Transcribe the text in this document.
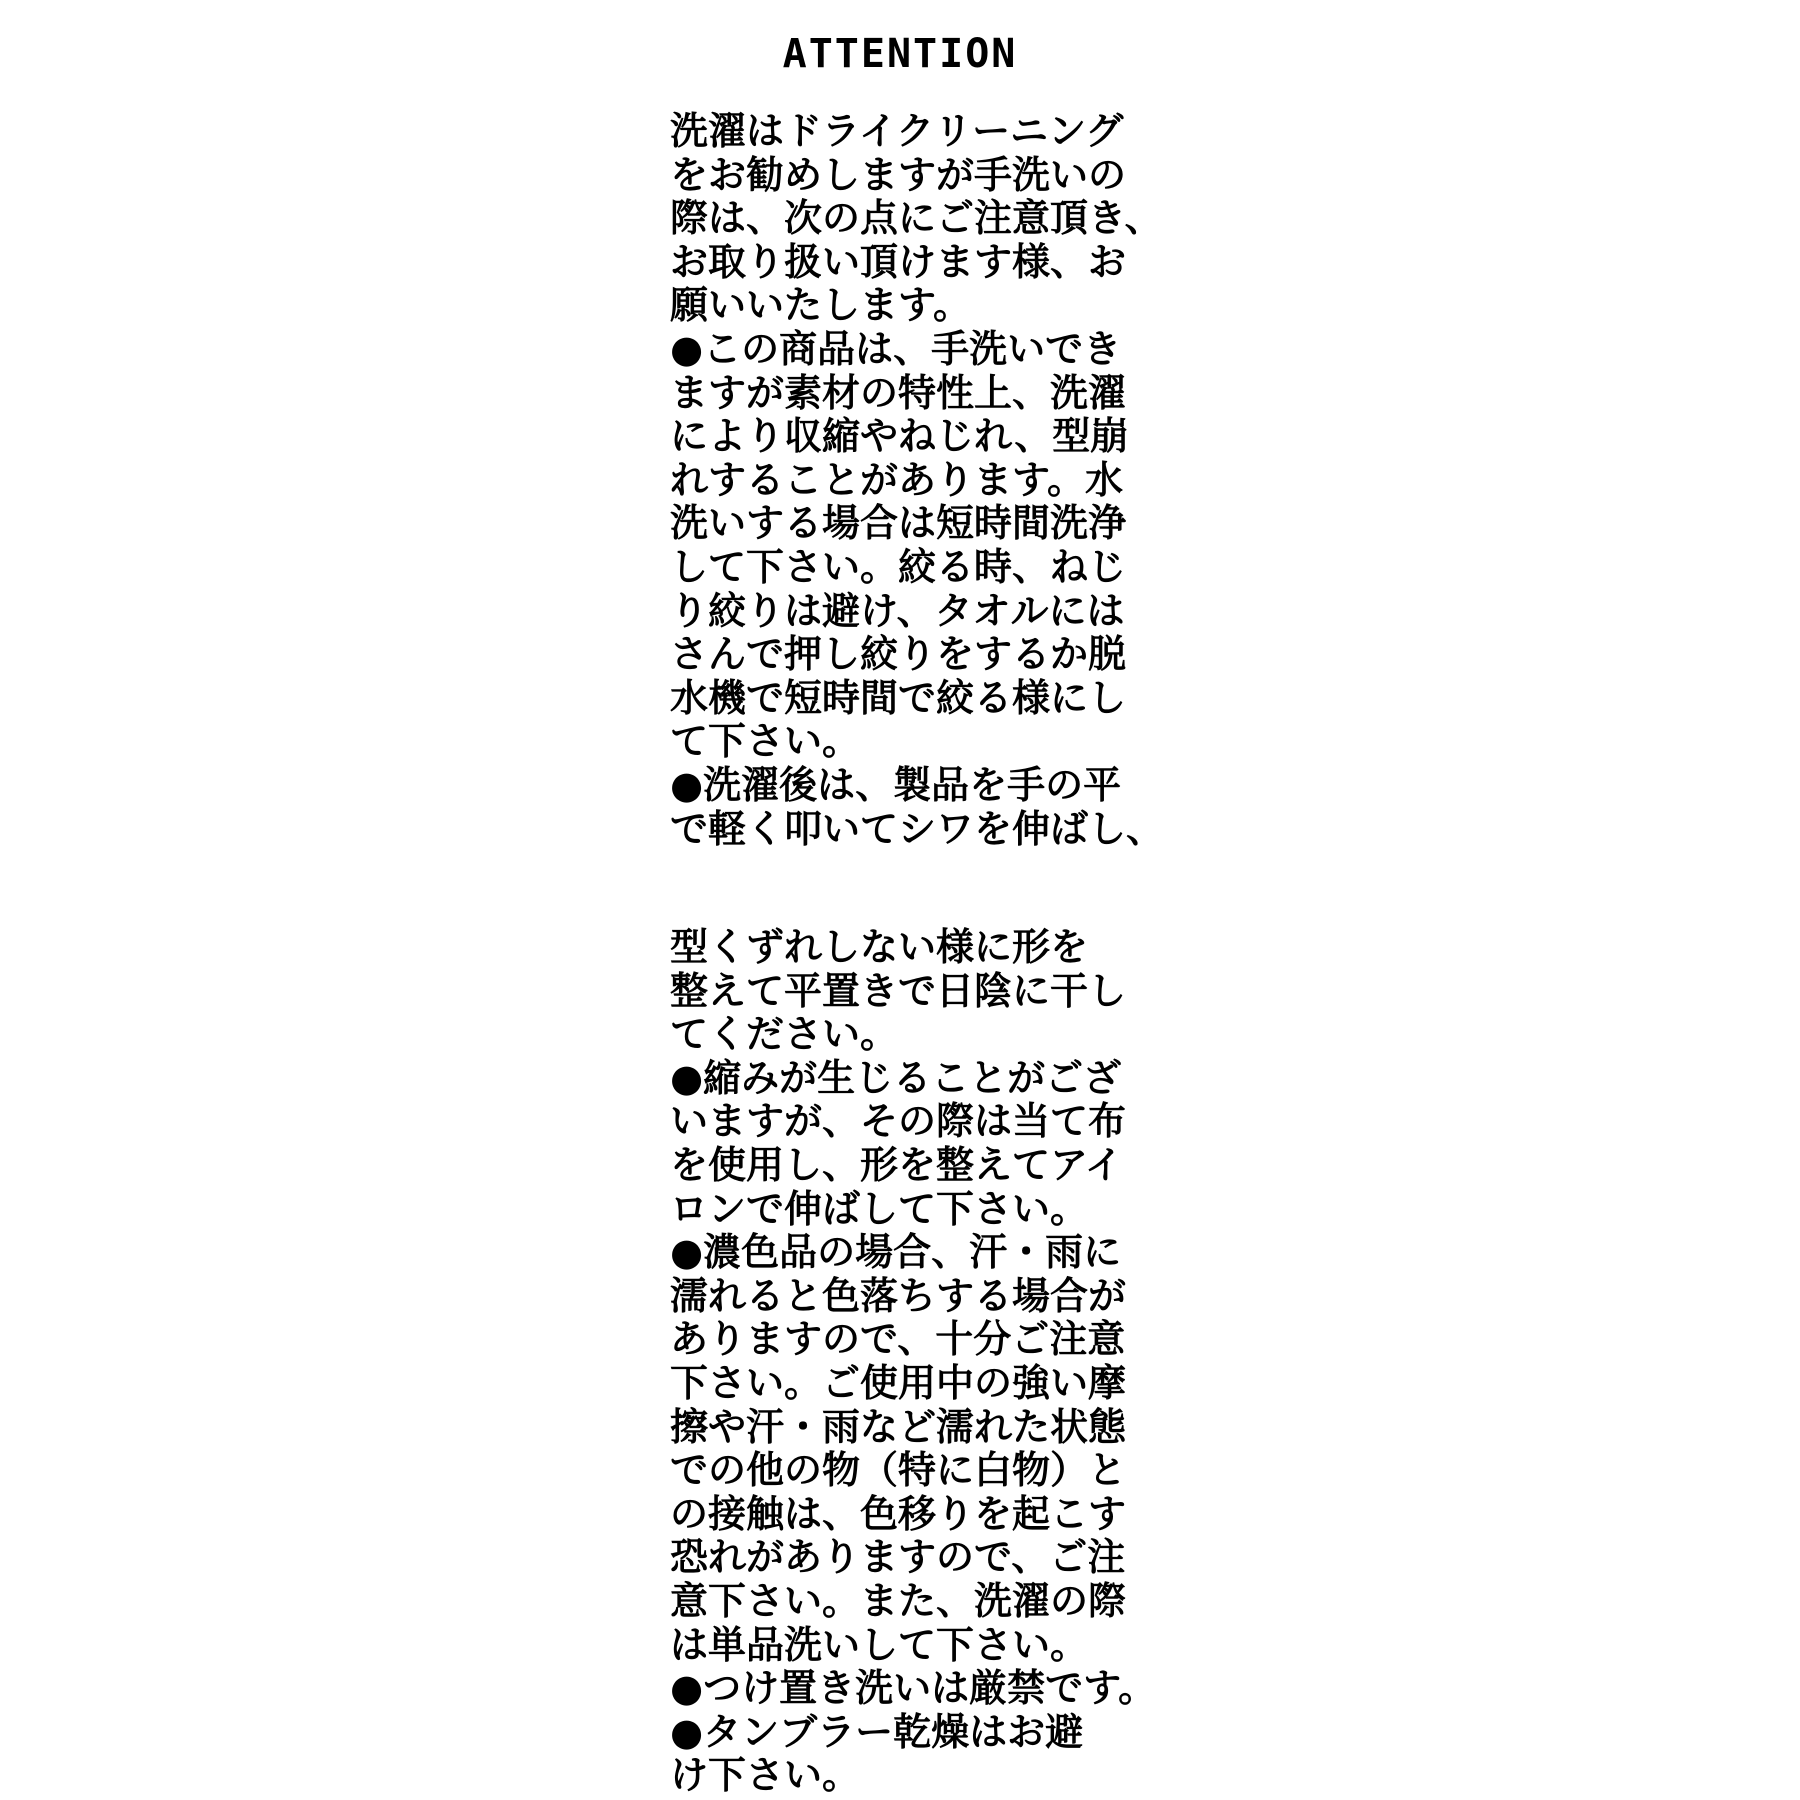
ATTENTION
洗濯はドライクリーニング
をお勧めしますが手洗いの
際は、次の点にご注意頂き、
お取り扱い頂けます様、お
願いいたします。
●この商品は、手洗いでき
ますが素材の特性上、洗濯
により収縮やねじれ、型崩
れすることがあります。水
洗いする場合は短時間洗浄
して下さい。絞る時、ねじ
り絞りは避け、タオルには
さんで押し絞りをするか脱
水機で短時間で絞る様にし
て下さい。
●洗濯後は、製品を手の平
で軽く叩いてシワを伸ばし、
型くずれしない様に形を
整えて平置きで日陰に干し
てください。
●縮みが生じることがござ
いますが、その際は当て布
を使用し、形を整えてアイ
ロンで伸ばして下さい。
●濃色品の場合、汗・雨に
濡れると色落ちする場合が
ありますので、十分ご注意
下さい。ご使用中の強い摩
擦や汗・雨など濡れた状態
での他の物（特に白物）と
の接触は、色移りを起こす
恐れがありますので、ご注
意下さい。また、洗濯の際
は単品洗いして下さい。
●つけ置き洗いは厳禁です。
●タンブラー乾燥はお避
け下さい。
